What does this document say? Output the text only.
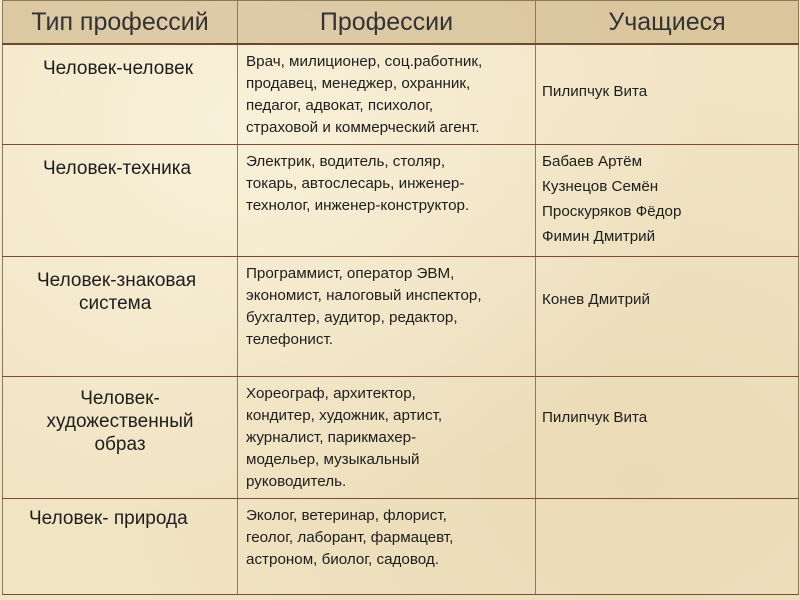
Тип профессий	Профессии	Учащиеся

Человек-человек	Врач, милиционер, соц.работник,
продавец, менеджер, охранник,
педагог, адвокат, психолог,
страховой и коммерческий агент.	Пилипчук Вита

Человек-техника	Электрик, водитель, столяр,
токарь, автослесарь, инженер-
технолог, инженер-конструктор.	Бабаев Артём
Кузнецов Семён
Проскуряков Фёдор
Фимин Дмитрий

Человек-знаковая
система	Программист, оператор ЭВМ,
экономист, налоговый инспектор,
бухгалтер, аудитор, редактор,
телефонист.	Конев Дмитрий

Человек-
художественный
образ	Хореограф, архитектор,
кондитер, художник, артист,
журналист, парикмахер-
модельер, музыкальный
руководитель.	Пилипчук Вита

Человек- природа	Эколог, ветеринар, флорист,
геолог, лаборант, фармацевт,
астроном, биолог, садовод.	
